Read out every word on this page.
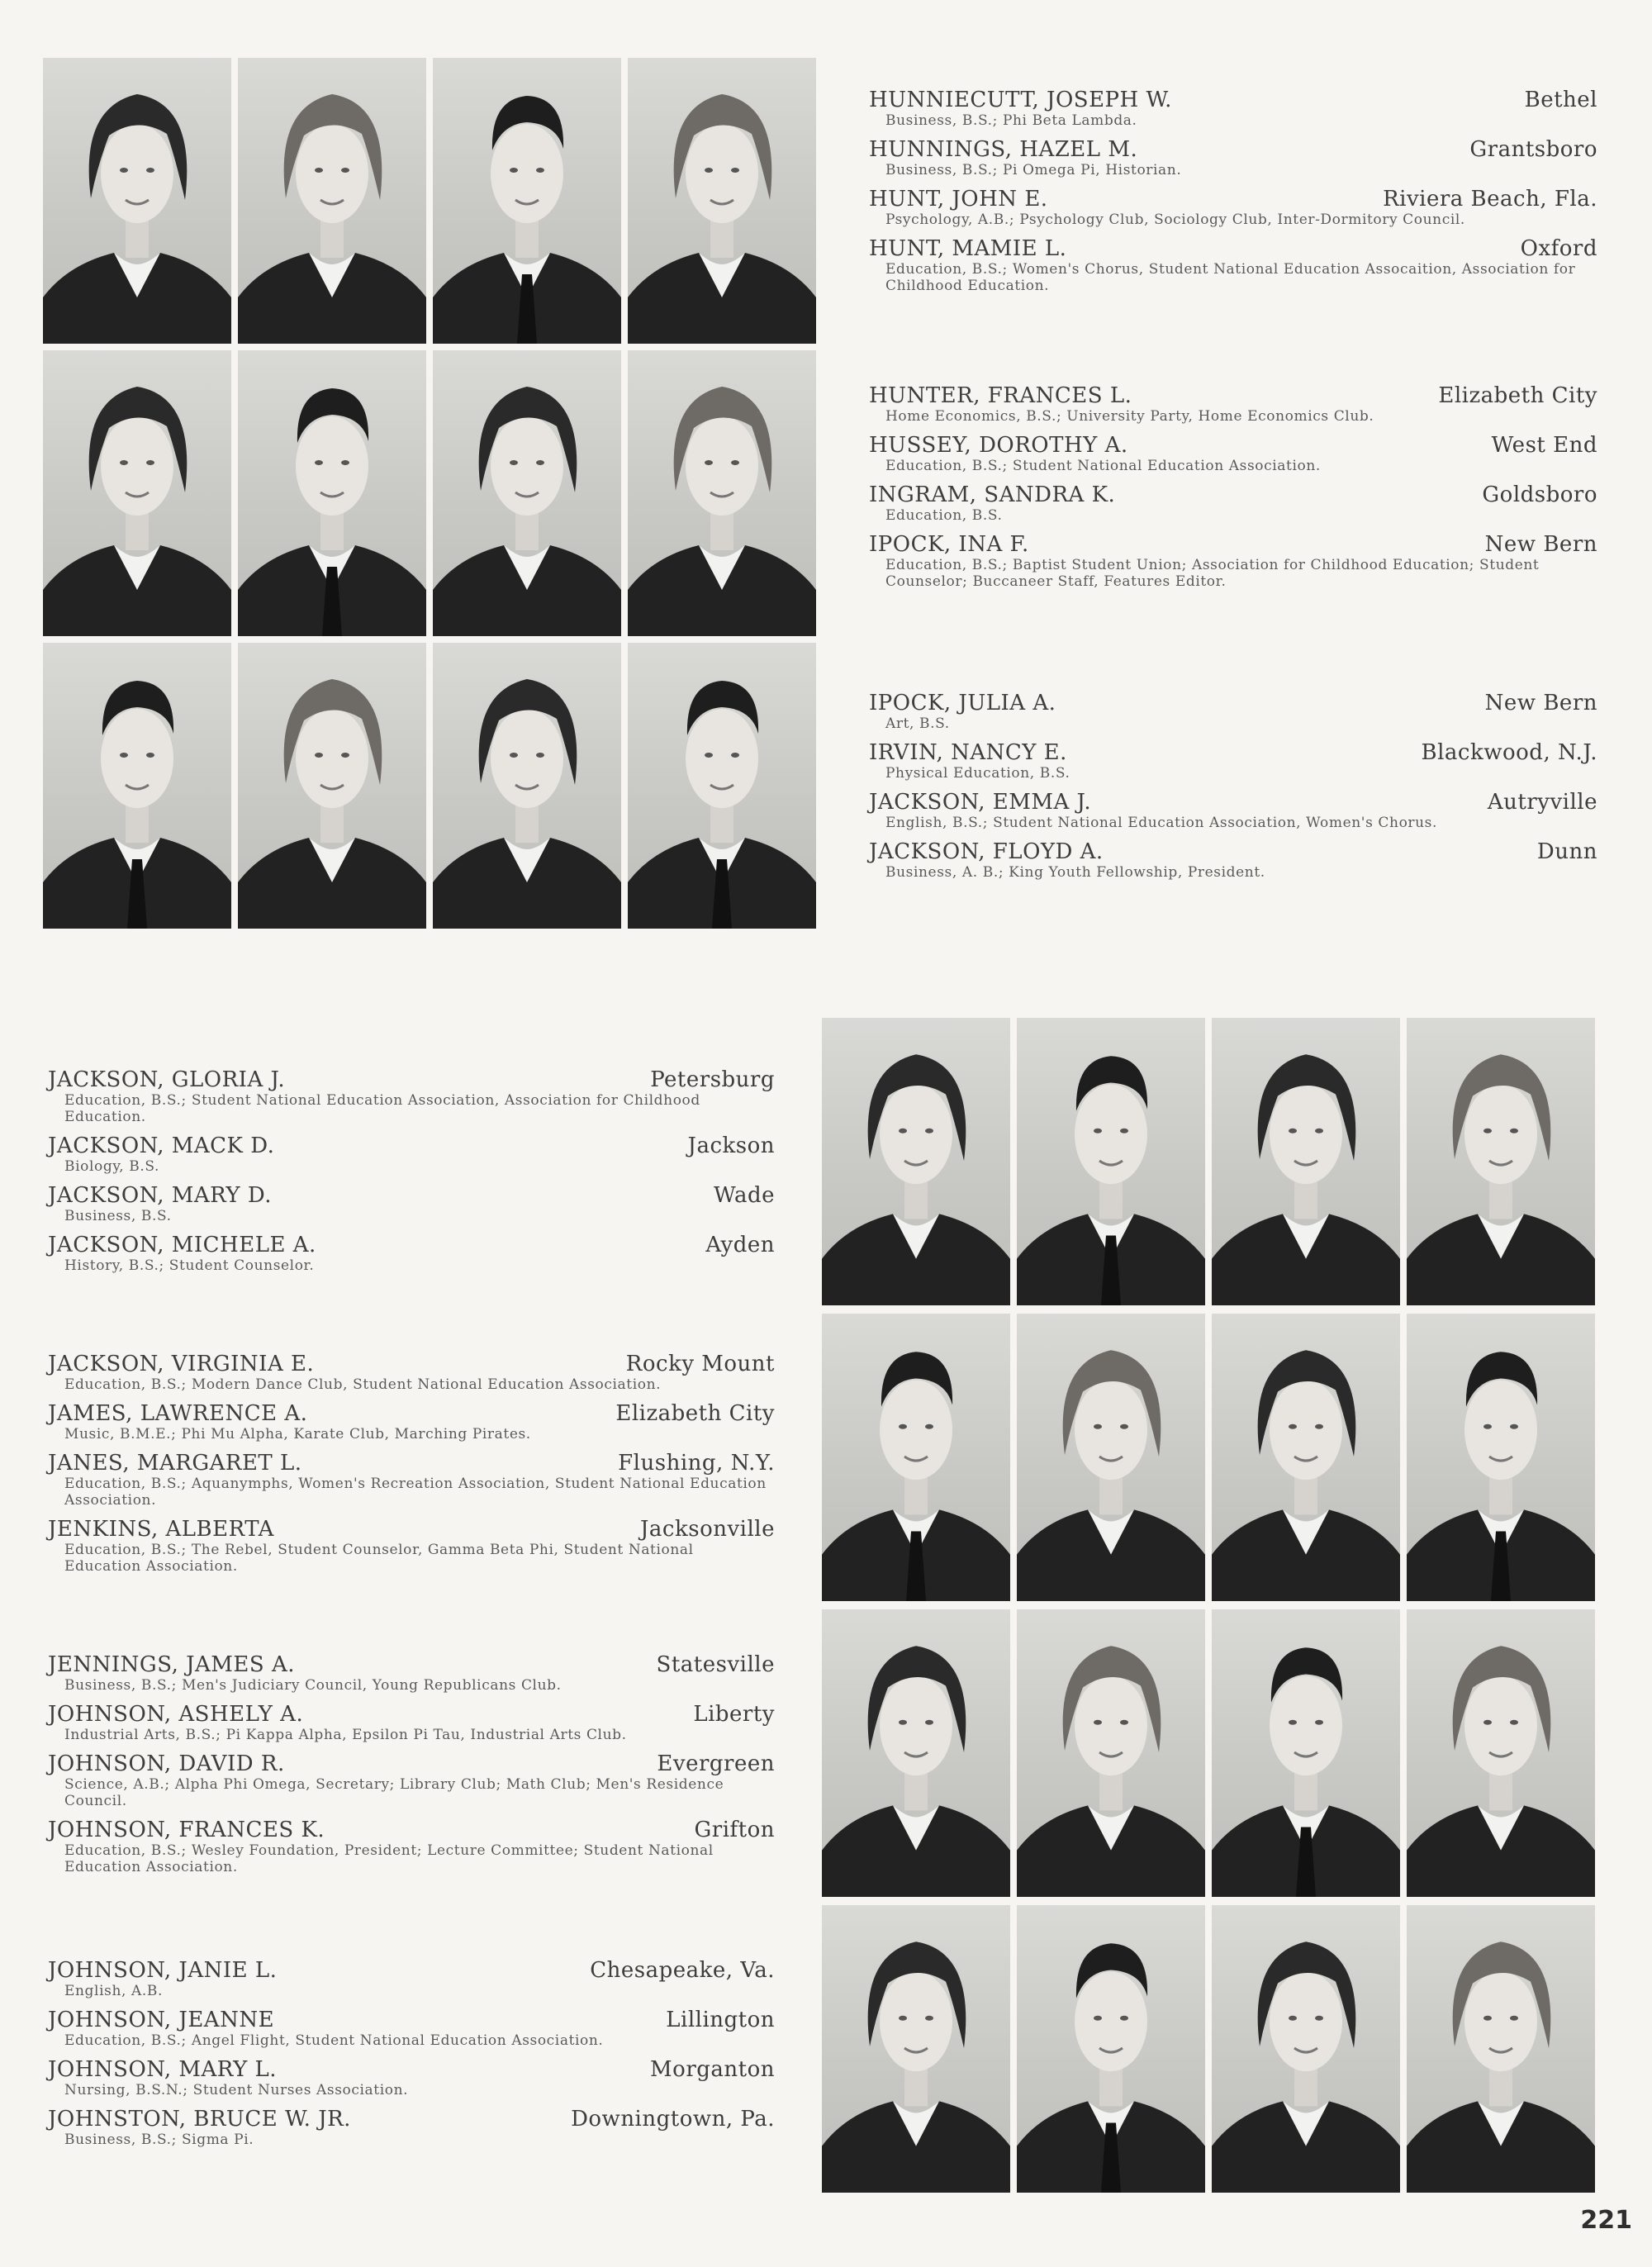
HUNNIECUTT, JOSEPH W.	Bethel
Business, B.S.; Phi Beta Lambda.
HUNNINGS, HAZEL M.	Grantsboro
Business, B.S.; Pi Omega Pi, Historian.
HUNT, JOHN E.	Riviera Beach, Fla.
Psychology, A.B.; Psychology Club, Sociology Club, Inter-Dormitory Council.
HUNT, MAMIE L.	Oxford
Education, B.S.; Women's Chorus, Student National Education Assocaition, Association for Childhood Education.
HUNTER, FRANCES L.	Elizabeth City
Home Economics, B.S.; University Party, Home Economics Club.
HUSSEY, DOROTHY A.	West End
Education, B.S.; Student National Education Association.
INGRAM, SANDRA K.	Goldsboro
Education, B.S.
IPOCK, INA F.	New Bern
Education, B.S.; Baptist Student Union; Association for Childhood Education; Student Counselor; Buccaneer Staff, Features Editor.
IPOCK, JULIA A.	New Bern
Art, B.S.
IRVIN, NANCY E.	Blackwood, N.J.
Physical Education, B.S.
JACKSON, EMMA J.	Autryville
English, B.S.; Student National Education Association, Women's Chorus.
JACKSON, FLOYD A.	Dunn
Business, A. B.; King Youth Fellowship, President.
JACKSON, GLORIA J.	Petersburg
Education, B.S.; Student National Education Association, Association for Childhood Education.
JACKSON, MACK D.	Jackson
Biology, B.S.
JACKSON, MARY D.	Wade
Business, B.S.
JACKSON, MICHELE A.	Ayden
History, B.S.; Student Counselor.
JACKSON, VIRGINIA E.	Rocky Mount
Education, B.S.; Modern Dance Club, Student National Education Association.
JAMES, LAWRENCE A.	Elizabeth City
Music, B.M.E.; Phi Mu Alpha, Karate Club, Marching Pirates.
JANES, MARGARET L.	Flushing, N.Y.
Education, B.S.; Aquanymphs, Women's Recreation Association, Student National Education Association.
JENKINS, ALBERTA	Jacksonville
Education, B.S.; The Rebel, Student Counselor, Gamma Beta Phi, Student National Education Association.
JENNINGS, JAMES A.	Statesville
Business, B.S.; Men's Judiciary Council, Young Republicans Club.
JOHNSON, ASHELY A.	Liberty
Industrial Arts, B.S.; Pi Kappa Alpha, Epsilon Pi Tau, Industrial Arts Club.
JOHNSON, DAVID R.	Evergreen
Science, A.B.; Alpha Phi Omega, Secretary; Library Club; Math Club; Men's Residence Council.
JOHNSON, FRANCES K.	Grifton
Education, B.S.; Wesley Foundation, President; Lecture Committee; Student National Education Association.
JOHNSON, JANIE L.	Chesapeake, Va.
English, A.B.
JOHNSON, JEANNE	Lillington
Education, B.S.; Angel Flight, Student National Education Association.
JOHNSON, MARY L.	Morganton
Nursing, B.S.N.; Student Nurses Association.
JOHNSTON, BRUCE W. JR.	Downingtown, Pa.
Business, B.S.; Sigma Pi.
221
